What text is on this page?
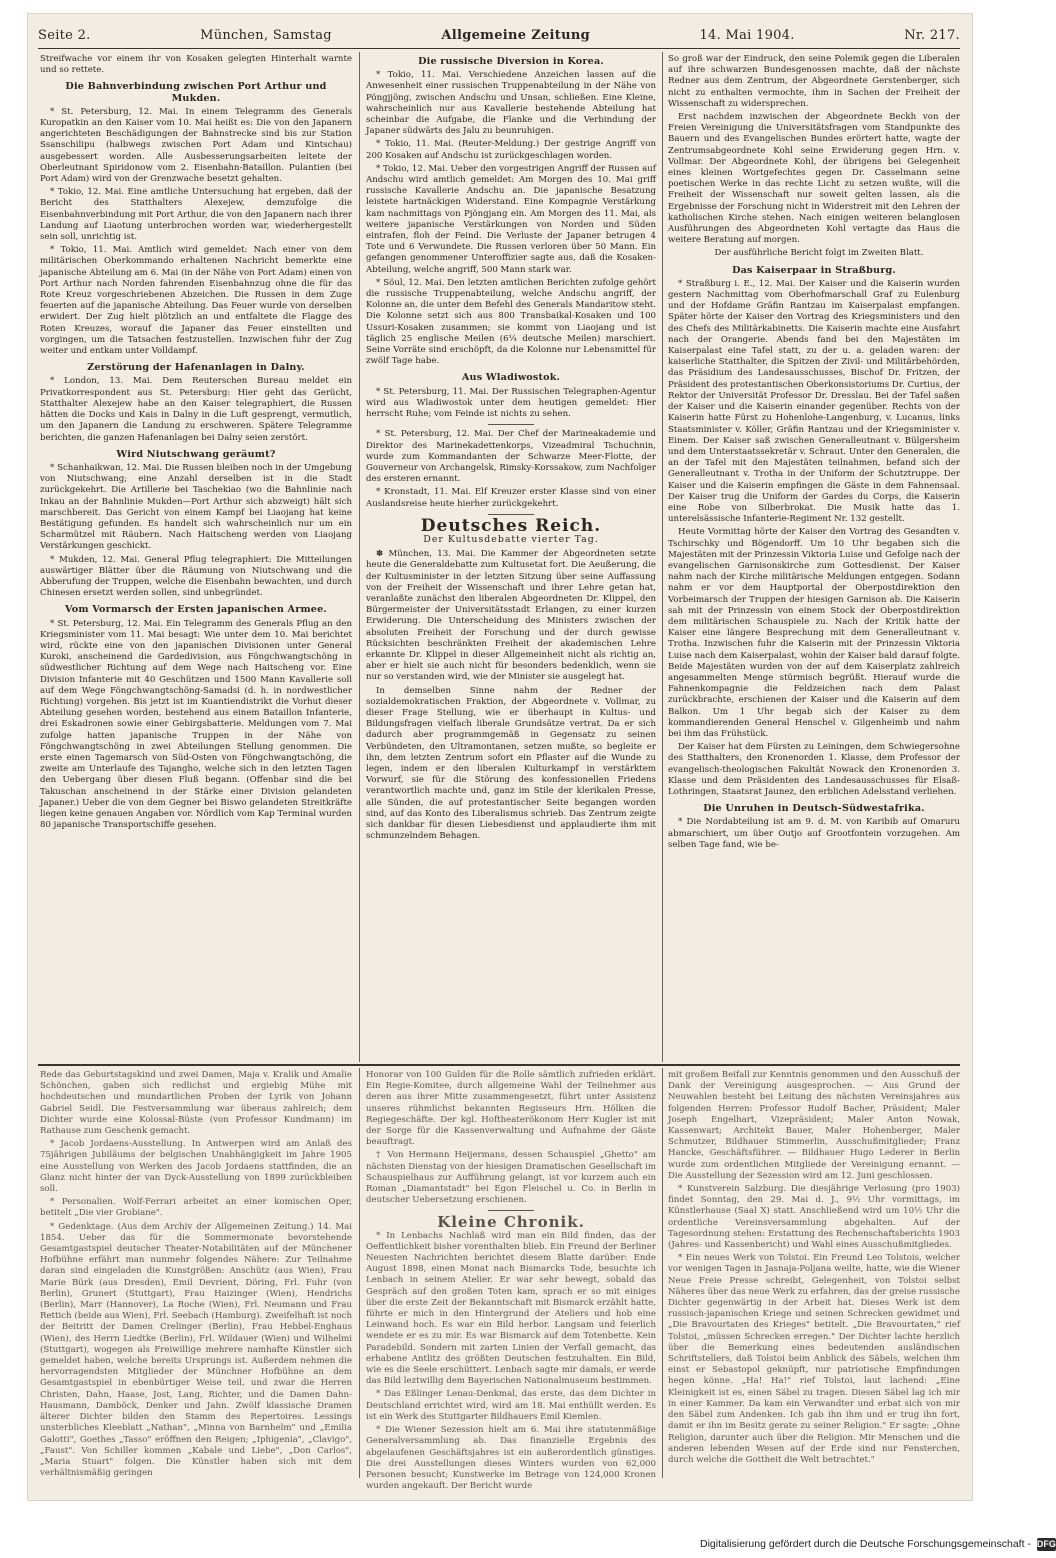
Seite 2.	München, Samstag	Allgemeine Zeitung	14. Mai 1904.	Nr. 217.

Streifwache vor einem ihr von Kosaken gelegten Hinterhalt warnte und so rettete.

Die Bahnverbindung zwischen Port Arthur und Mukden.

* St. Petersburg, 12. Mai. In einem Telegramm des Generals Kuropatkin an den Kaiser vom 10. Mai heißt es: Die von den Japanern angerichteten Beschädigungen der Bahnstrecke sind bis zur Station Ssanschilipu (halbwegs zwischen Port Adam und Kintschau) ausgebessert worden. Alle Ausbesserungsarbeiten leitete der Oberleutnant Spiridonow vom 2. Eisenbahn-Bataillon. Pulantien (bei Port Adam) wird von der Grenzwache besetzt gehalten.

* Tokio, 12. Mai. Eine amtliche Untersuchung hat ergeben, daß der Bericht des Statthalters Alexejew, demzufolge die Eisenbahnverbindung mit Port Arthur, die von den Japanern nach ihrer Landung auf Liaotung unterbrochen worden war, wiederhergestellt sein soll, unrichtig ist.

* Tokio, 11. Mai. Amtlich wird gemeldet: Nach einer von dem militärischen Oberkommando erhaltenen Nachricht bemerkte eine japanische Abteilung am 6. Mai (in der Nähe von Port Adam) einen von Port Arthur nach Norden fahrenden Eisenbahnzug ohne die für das Rote Kreuz vorgeschriebenen Abzeichen. Die Russen in dem Zuge feuerten auf die japanische Abteilung. Das Feuer wurde von derselben erwidert. Der Zug hielt plötzlich an und entfaltete die Flagge des Roten Kreuzes, worauf die Japaner das Feuer einstellten und vorgingen, um die Tatsachen festzustellen. Inzwischen fuhr der Zug weiter und entkam unter Volldampf.

Zerstörung der Hafenanlagen in Dalny.

* London, 13. Mai. Dem Reuterschen Bureau meldet ein Privatkorrespondent aus St. Petersburg: Hier geht das Gerücht, Statthalter Alexejew habe an den Kaiser telegraphiert, die Russen hätten die Docks und Kais in Dalny in die Luft gesprengt, vermutlich, um den Japanern die Landung zu erschweren. Spätere Telegramme berichten, die ganzen Hafenanlagen bei Dalny seien zerstört.

Wird Niutschwang geräumt?

* Schanhaikwan, 12. Mai. Die Russen bleiben noch in der Umgebung von Niutschwang; eine Anzahl derselben ist in die Stadt zurückgekehrt. Die Artillerie bei Taschekiao (wo die Bahnlinie nach Inkau an der Bahnlinie Mukden—Port Arthur sich abzweigt) hält sich marschbereit. Das Gericht von einem Kampf bei Liaojang hat keine Bestätigung gefunden. Es handelt sich wahrscheinlich nur um ein Scharmützel mit Räubern. Nach Haitscheng werden von Liaojang Verstärkungen geschickt.

* Mukden, 12. Mai. General Pflug telegraphiert: Die Mitteilungen auswärtiger Blätter über die Räumung von Niutschwang und die Abberufung der Truppen, welche die Eisenbahn bewachten, und durch Chinesen ersetzt werden sollen, sind unbegründet.

Vom Vormarsch der Ersten japanischen Armee.

* St. Petersburg, 12. Mai. Ein Telegramm des Generals Pflug an den Kriegsminister vom 11. Mai besagt: Wie unter dem 10. Mai berichtet wird, rückte eine von den japanischen Divisionen unter General Kuroki, anscheinend die Gardedivision, aus Föngchwangtschöng in südwestlicher Richtung auf dem Wege nach Haitscheng vor. Eine Division Infanterie mit 40 Geschützen und 1500 Mann Kavallerie soll auf dem Wege Föngchwangtschöng-Samadsi (d. h. in nordwestlicher Richtung) vorgehen. Bis jetzt ist im Kuantiendistrikt die Vorhut dieser Abteilung gesehen worden, bestehend aus einem Bataillon Infanterie, drei Eskadronen sowie einer Gebirgsbatterie. Meldungen vom 7. Mai zufolge hatten japanische Truppen in der Nähe von Föngchwangtschöng in zwei Abteilungen Stellung genommen. Die erste einen Tagemarsch von Süd-Osten von Föngchwangtschöng, die zweite am Unterlaufe des Tajangho, welche sich in den letzten Tagen den Uebergang über diesen Fluß begann. (Offenbar sind die bei Takuschan anscheinend in der Stärke einer Division gelandeten Japaner.) Ueber die von dem Gegner bei Biswo gelandeten Streitkräfte liegen keine genauen Angaben vor. Nördlich vom Kap Terminal wurden 80 japanische Transportschiffe gesehen.

Die russische Diversion in Korea.

* Tokio, 11. Mai. Verschiedene Anzeichen lassen auf die Anwesenheit einer russischen Truppenabteilung in der Nähe von Pöngjjöng, zwischen Andschu und Unsan, schließen. Eine Kleine, wahrscheinlich nur aus Kavallerie bestehende Abteilung hat scheinbar die Aufgabe, die Flanke und die Verbindung der Japaner südwärts des Jalu zu beunruhigen.

* Tokio, 11. Mai. (Reuter-Meldung.) Der gestrige Angriff von 200 Kosaken auf Andschu ist zurückgeschlagen worden.

* Tokio, 12. Mai. Ueber den vorgestrigen Angriff der Russen auf Andschu wird amtlich gemeldet: Am Morgen des 10. Mai griff russische Kavallerie Andschu an. Die japanische Besatzung leistete hartnäckigen Widerstand. Eine Kompagnie Verstärkung kam nachmittags von Pjöngjang ein. Am Morgen des 11. Mai, als weitere japanische Verstärkungen von Norden und Süden eintrafen, floh der Feind. Die Verluste der Japaner betrugen 4 Tote und 6 Verwundete. Die Russen verloren über 50 Mann. Ein gefangen genommener Unteroffizier sagte aus, daß die Kosaken-Abteilung, welche angriff, 500 Mann stark war.

* Söul, 12. Mai. Den letzten amtlichen Berichten zufolge gehört die russische Truppenabteilung, welche Andschu angriff, der Kolonne an, die unter dem Befehl des Generals Mandaritow steht. Die Kolonne setzt sich aus 800 Transbaikal-Kosaken und 100 Ussuri-Kosaken zusammen; sie kommt von Liaojang und ist täglich 25 englische Meilen (6¼ deutsche Meilen) marschiert. Seine Vorräte sind erschöpft, da die Kolonne nur Lebensmittel für zwölf Tage habe.

Aus Wladiwostok.

* St. Petersburg, 11. Mai. Der Russischen Telegraphen-Agentur wird aus Wladiwostok unter dem heutigen gemeldet: Hier herrscht Ruhe; vom Feinde ist nichts zu sehen.

* St. Petersburg, 12. Mai. Der Chef der Marineakademie und Direktor des Marinekadettenkorps, Vizeadmiral Tschuchnin, wurde zum Kommandanten der Schwarze Meer-Flotte, der Gouverneur von Archangelsk, Rimsky-Korssakow, zum Nachfolger des ersteren ernannt.

* Kronstadt, 11. Mai. Elf Kreuzer erster Klasse sind von einer Auslandsreise heute hierher zurückgekehrt.

Deutsches Reich.
Der Kultusdebatte vierter Tag.

✽ München, 13. Mai. Die Kammer der Abgeordneten setzte heute die Generaldebatte zum Kultusetat fort. Die Aeußerung, die der Kultusminister in der letzten Sitzung über seine Auffassung von der Freiheit der Wissenschaft und ihrer Lehre getan hat, veranlaßte zunächst den liberalen Abgeordneten Dr. Klippel, den Bürgermeister der Universitätsstadt Erlangen, zu einer kurzen Erwiderung. Die Unterscheidung des Ministers zwischen der absoluten Freiheit der Forschung und der durch gewisse Rücksichten beschränkten Freiheit der akademischen Lehre erkannte Dr. Klippel in dieser Allgemeinheit nicht als richtig an, aber er hielt sie auch nicht für besonders bedenklich, wenn sie nur so verstanden wird, wie der Minister sie ausgelegt hat.

In demselben Sinne nahm der Redner der sozialdemokratischen Fraktion, der Abgeordnete v. Vollmar, zu dieser Frage Stellung, wie er überhaupt in Kultus- und Bildungsfragen vielfach liberale Grundsätze vertrat. Da er sich dadurch aber programmgemäß in Gegensatz zu seinen Verbündeten, den Ultramontanen, setzen mußte, so begleite er ihn, dem letzten Zentrum sofort ein Pflaster auf die Wunde zu legen, indem er den liberalen Kulturkampf in verstärktem Vorwurf, sie für die Störung des konfessionellen Friedens verantwortlich machte und, ganz im Stile der klerikalen Presse, alle Sünden, die auf protestantischer Seite begangen worden sind, auf das Konto des Liberalismus schrieb. Das Zentrum zeigte sich dankbar für diesen Liebesdienst und applaudierte ihm mit schmunzelndem Behagen.

So groß war der Eindruck, den seine Polemik gegen die Liberalen auf ihre schwarzen Bundesgenossen machte, daß der nächste Redner aus dem Zentrum, der Abgeordnete Gerstenberger, sich nicht zu enthalten vermochte, ihm in Sachen der Freiheit der Wissenschaft zu widersprechen.

Erst nachdem inzwischen der Abgeordnete Beckh von der Freien Vereinigung die Universitätsfragen vom Standpunkte des Bauern und des Evangelischen Bundes erörtert hatte, wagte der Zentrumsabgeordnete Kohl seine Erwiderung gegen Hrn. v. Vollmar. Der Abgeordnete Kohl, der übrigens bei Gelegenheit eines kleinen Wortgefechtes gegen Dr. Casselmann seine poetischen Werke in das rechte Licht zu setzen wußte, will die Freiheit der Wissenschaft nur soweit gelten lassen, als die Ergebnisse der Forschung nicht in Widerstreit mit den Lehren der katholischen Kirche stehen. Nach einigen weiteren belanglosen Ausführungen des Abgeordneten Kohl vertagte das Haus die weitere Beratung auf morgen.

Der ausführliche Bericht folgt im Zweiten Blatt.

Das Kaiserpaar in Straßburg.

* Straßburg i. E., 12. Mai. Der Kaiser und die Kaiserin wurden gestern Nachmittag vom Oberhofmarschall Graf zu Eulenburg und der Hofdame Gräfin Rantzau im Kaiserpalast empfangen. Später hörte der Kaiser den Vortrag des Kriegsministers und den des Chefs des Militärkabinetts. Die Kaiserin machte eine Ausfahrt nach der Orangerie. Abends fand bei den Majestäten im Kaiserpalast eine Tafel statt, zu der u. a. geladen waren: der kaiserliche Statthalter, die Spitzen der Zivil- und Militärbehörden, das Präsidium des Landesausschusses, Bischof Dr. Fritzen, der Präsident des protestantischen Oberkonsistoriums Dr. Curtius, der Rektor der Universität Professor Dr. Dresslau. Bei der Tafel saßen der Kaiser und die Kaiserin einander gegenüber. Rechts von der Kaiserin hatte Fürst zu Hohenlohe-Langenburg, v. Lucanus, links Staatsminister v. Köller, Gräfin Rantzau und der Kriegsminister v. Einem. Der Kaiser saß zwischen Generalleutnant v. Bülgersheim und dem Unterstaatssekretär v. Schraut. Unter den Generalen, die an der Tafel mit den Majestäten teilnahmen, befand sich der Generalleutnant v. Trotha in der Uniform der Schutztruppe. Der Kaiser und die Kaiserin empfingen die Gäste in dem Fahnensaal. Der Kaiser trug die Uniform der Gardes du Corps, die Kaiserin eine Robe von Silberbrokat. Die Musik hatte das 1. unterelsässische Infanterie-Regiment Nr. 132 gestellt.

Heute Vormittag hörte der Kaiser den Vortrag des Gesandten v. Tschirschky und Bögendorff. Um 10 Uhr begaben sich die Majestäten mit der Prinzessin Viktoria Luise und Gefolge nach der evangelischen Garnisonskirche zum Gottesdienst. Der Kaiser nahm nach der Kirche militärische Meldungen entgegen. Sodann nahm er vor dem Hauptportal der Oberpostdirektion den Vorbeimarsch der Truppen der hiesigen Garnison ab. Die Kaiserin sah mit der Prinzessin von einem Stock der Oberpostdirektion dem militärischen Schauspiele zu. Nach der Kritik hatte der Kaiser eine längere Besprechung mit dem Generalleutnant v. Trotha. Inzwischen fuhr die Kaiserin mit der Prinzessin Viktoria Luise nach dem Kaiserpalast, wohin der Kaiser bald darauf folgte. Beide Majestäten wurden von der auf dem Kaiserplatz zahlreich angesammelten Menge stürmisch begrüßt. Hierauf wurde die Fahnenkompagnie die Feldzeichen nach dem Palast zurückbrachte, erschienen der Kaiser und die Kaiserin auf dem Balkon. Um 1 Uhr begab sich der Kaiser zu dem kommandierenden General Henschel v. Gilgenheimb und nahm bei ihm das Frühstück.

Der Kaiser hat dem Fürsten zu Leiningen, dem Schwiegersohne des Statthalters, den Kronenorden 1. Klasse, dem Professor der evangelisch-theologischen Fakultät Nowack den Kronenorden 3. Klasse und dem Präsidenten des Landesausschusses für Elsaß-Lothringen, Staatsrat Jaunez, den erblichen Adelsstand verliehen.

Die Unruhen in Deutsch-Südwestafrika.

* Die Nordabteilung ist am 9. d. M. von Karibib auf Omaruru abmarschiert, um über Outjo auf Grootfontein vorzugehen. Am selben Tage fand, wie be-

Rede das Geburtstagskind und zwei Damen, Maja v. Kralik und Amalie Schönchen, gaben sich redlichst und ergiebig Mühe mit hochdeutschen und mundartlichen Proben der Lyrik von Johann Gabriel Seidl. Die Festversammlung war überaus zahlreich; dem Dichter wurde eine Kolossal-Büste (von Professor Kundmann) im Rathause zum Geschenk gemacht.

* Jacob Jordaens-Ausstellung. In Antwerpen wird am Anlaß des 75jährigen Jubiläums der belgischen Unabhängigkeit im Jahre 1905 eine Ausstellung von Werken des Jacob Jordaens stattfinden, die an Glanz nicht hinter der van Dyck-Ausstellung von 1899 zurückbleiben soll.

* Personalien. Wolf-Ferrari arbeitet an einer komischen Oper, betitelt „Die vier Grobiane".

* Gedenktage. (Aus dem Archiv der Allgemeinen Zeitung.) 14. Mai 1854. Ueber das für die Sommermonate bevorstehende Gesamtgastspiel deutscher Theater-Notabilitäten auf der Münchener Hofbühne erfährt man nunmehr folgendes Nähere: Zur Teilnahme daran sind eingeladen die Kunstgrößen: Anschütz (aus Wien), Frau Marie Bürk (aus Dresden), Emil Devrient, Döring, Frl. Fuhr (von Berlin), Grunert (Stuttgart), Frau Haizinger (Wien), Hendrichs (Berlin), Marr (Hannover), La Roche (Wien), Frl. Neumann und Frau Rettich (beide aus Wien), Frl. Seebach (Hamburg). Zweifelhaft ist noch der Beitritt der Damen Crelinger (Berlin), Frau Hebbel-Enghaus (Wien), des Herrn Liedtke (Berlin), Frl. Wildauer (Wien) und Wilhelmi (Stuttgart), wogegen als Freiwillige mehrere namhafte Künstler sich gemeldet haben, welche bereits Ursprungs ist. Außerdem nehmen die hervorragendsten Mitglieder der Münchner Hofbühne an dem Gesamtgastspiel in ebenbürtiger Weise teil, und zwar die Herren Christen, Dahn, Haase, Jost, Lang, Richter, und die Damen Dahn-Hausmann, Damböck, Denker und Jahn. Zwölf klassische Dramen älterer Dichter bilden den Stamm des Repertoires. Lessings unsterbliches Kleeblatt „Nathan", „Minna von Barnhelm" und „Emilia Galotti", Goethes „Tasso" eröffnen den Reigen; „Iphigenia", „Clavigo", „Faust". Von Schiller kommen „Kabale und Liebe", „Don Carlos", „Maria Stuart" folgen. Die Künstler haben sich mit dem verhältnismäßig geringen

Honorar von 100 Gulden für die Rolle sämtlich zufrieden erklärt. Ein Regie-Komitee, durch allgemeine Wahl der Teilnehmer aus deren aus ihrer Mitte zusammengesetzt, führt unter Assistenz unseres rühmlichst bekannten Regisseurs Hrn. Hölken die Regiegeschäfte. Der kgl. Hoftheaterökonom Herr Kugler ist mit der Sorge für die Kassenverwaltung und Aufnahme der Gäste beauftragt.

† Von Hermann Heijermans, dessen Schauspiel „Ghetto" am nächsten Dienstag von der hiesigen Dramatischen Gesellschaft im Schauspielhaus zur Aufführung gelangt, ist vor kurzem auch ein Roman „Diamantstadt" bei Egon Fleischel u. Co. in Berlin in deutscher Uebersetzung erschienen.

Kleine Chronik.

* In Lenbachs Nachlaß wird man ein Bild finden, das der Oeffentlichkeit bisher vorenthalten blieb. Ein Freund der Berliner Neuesten Nachrichten berichtet diesem Blatte darüber: Ende August 1898, einen Monat nach Bismarcks Tode, besuchte ich Lenbach in seinem Atelier. Er war sehr bewegt, sobald das Gespräch auf den großen Toten kam, sprach er so mit einiges über die erste Zeit der Bekanntschaft mit Bismarck erzählt hatte, führte er mich in den Hintergrund der Ateliers und hob eine Leinwand hoch. Es war ein Bild herbor. Langsam und feierlich wendete er es zu mir. Es war Bismarck auf dem Totenbette. Kein Paradebild. Sondern mit zarten Linien der Verfall gemacht, das erhabene Antlitz des größten Deutschen festzuhalten. Ein Bild, wie es die Seele erschüttert. Lenbach sagte mir damals, er werde das Bild leztwillig dem Bayerischen Nationalmuseum bestimmen.

* Das Eßlinger Lenau-Denkmal, das erste, das dem Dichter in Deutschland errichtet wird, wird am 18. Mai enthüllt werden. Es ist ein Werk des Stuttgarter Bildhauers Emil Kiemlen.

* Die Wiener Sezession hielt am 6. Mai ihre statutenmäßige Generalversammlung ab. Das finanzielle Ergebnis des abgelaufenen Geschäftsjahres ist ein außerordentlich günstiges. Die drei Ausstellungen dieses Winters wurden von 62,000 Personen besucht; Kunstwerke im Betrage von 124,000 Kronen wurden angekauft. Der Bericht wurde

mit großem Beifall zur Kenntnis genommen und den Ausschuß der Dank der Vereinigung ausgesprochen. — Aus Grund der Neuwahlen besteht bei Leitung des nächsten Vereinsjahres aus folgenden Herren: Professor Rudolf Bacher, Präsident; Maler Joseph Engelhart, Vizepräsident; Maler Anton Nowak, Kassenwart; Architekt Bauer, Maler Hohenberger, Maler Schmutzer, Bildhauer Stimmerlin, Ausschußmitglieder; Franz Hancke, Geschäftsführer. — Bildhauer Hugo Lederer in Berlin wurde zum ordentlichen Mitgliede der Vereinigung ernannt. — Die Ausstellung der Sezession wird am 12. Juni geschlossen.

* Kunstverein Salzburg. Die diesjährige Verlosung (pro 1903) findet Sonntag, den 29. Mai d. J., 9½ Uhr vormittags, im Künstlerhause (Saal X) statt. Anschließend wird um 10½ Uhr die ordentliche Vereinsversammlung abgehalten. Auf der Tagesordnung stehen: Erstattung des Rechenschaftsberichts 1903 (Jahres- und Kassenbericht) und Wahl eines Ausschußmitgliedes.

* Ein neues Werk von Tolstoi. Ein Freund Leo Tolstois, welcher vor wenigen Tagen in Jasnaja-Poljana weilte, hatte, wie die Wiener Neue Freie Presse schreibt, Gelegenheit, von Tolstoi selbst Näheres über das neue Werk zu erfahren, das der greise russische Dichter gegenwärtig in der Arbeit hat. Dieses Werk ist dem russisch-japanischen Kriege und seinen Schrecken gewidmet und „Die Bravourtaten des Krieges" betitelt. „Die Bravourtaten," rief Tolstoi, „müssen Schrecken erregen." Der Dichter lachte herzlich über die Bemerkung eines bedeutenden ausländischen Schriftstellers, daß Tolstoi beim Anblick des Säbels, welchen ihm einst er Sebastopol geknüpft, nur patriotische Empfindungen hegen könne. „Ha! Ha!" rief Tolstoi, laut lachend: „Eine Kleinigkeit ist es, einen Säbel zu tragen. Diesen Säbel lag ich mir in einer Kammer. Da kam ein Verwandter und erbat sich von mir den Säbel zum Andenken. Ich gab ihn ihm und er trug ihn fort, damit er ihn im Besitz gerate zu seiner Religion." Er sagte: „Ohne Religion, darunter auch über die Religion. Mir Menschen und die anderen lebenden Wesen auf der Erde sind nur Fensterchen, durch welche die Gottheit die Welt betrachtet."

Digitalisierung gefördert durch die Deutsche Forschungsgemeinschaft - DFG
